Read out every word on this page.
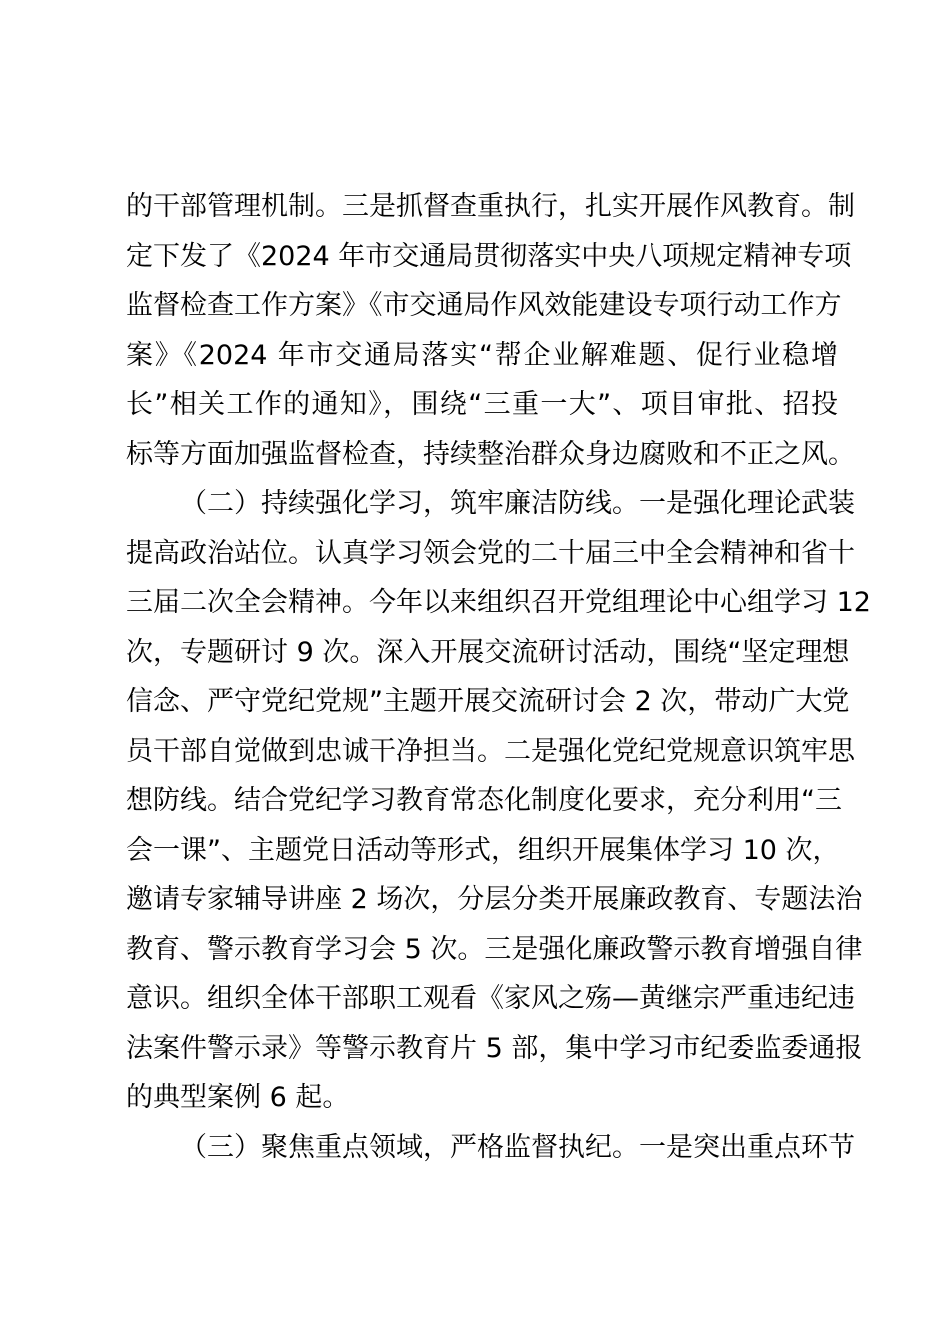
的干部管理机制。三是抓督查重执行，扎实开展作风教育。制
定下发了《2024 年市交通局贯彻落实中央八项规定精神专项
监督检查工作方案》《市交通局作风效能建设专项行动工作方
案》《2024 年市交通局落实“帮企业解难题、促行业稳增
长”相关工作的通知》，围绕“三重一大”、项目审批、招投
标等方面加强监督检查，持续整治群众身边腐败和不正之风。
（二）持续强化学习，筑牢廉洁防线。一是强化理论武装
提高政治站位。认真学习领会党的二十届三中全会精神和省十
三届二次全会精神。今年以来组织召开党组理论中心组学习 12
次，专题研讨 9 次。深入开展交流研讨活动，围绕“坚定理想
信念、严守党纪党规”主题开展交流研讨会 2 次，带动广大党
员干部自觉做到忠诚干净担当。二是强化党纪党规意识筑牢思
想防线。结合党纪学习教育常态化制度化要求，充分利用“三
会一课”、主题党日活动等形式，组织开展集体学习 10 次，
邀请专家辅导讲座 2 场次，分层分类开展廉政教育、专题法治
教育、警示教育学习会 5 次。三是强化廉政警示教育增强自律
意识。组织全体干部职工观看《家风之殇—黄继宗严重违纪违
法案件警示录》等警示教育片 5 部，集中学习市纪委监委通报
的典型案例 6 起。
（三）聚焦重点领域，严格监督执纪。一是突出重点环节
